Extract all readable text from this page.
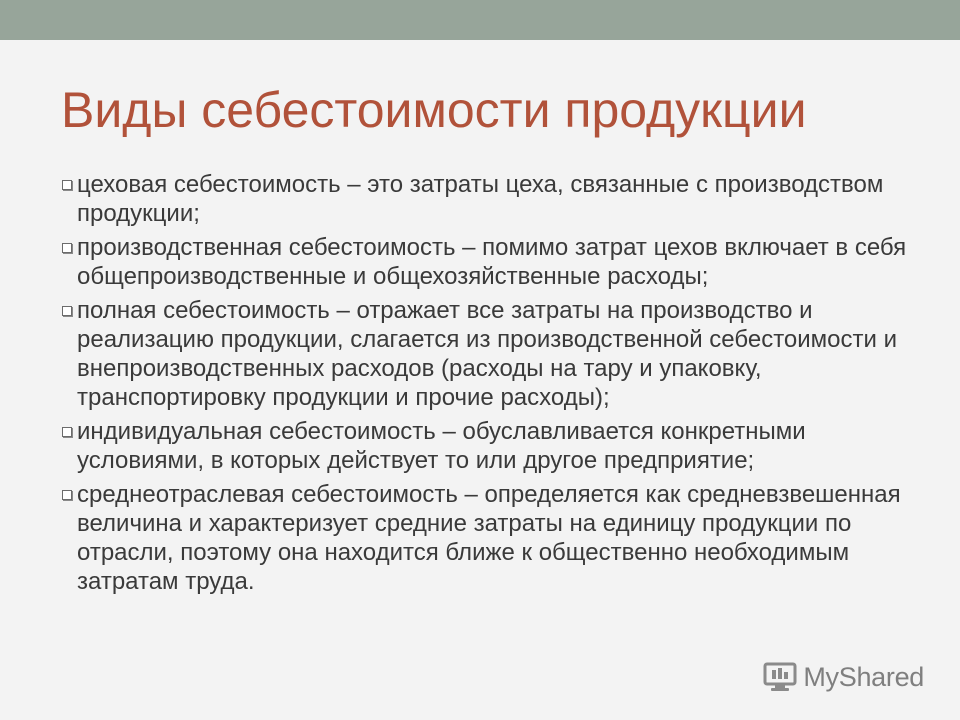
Виды себестоимости продукции
цеховая себестоимость – это затраты цеха, связанные с производством продукции;
производственная себестоимость – помимо затрат цехов включает в себя общепроизводственные и общехозяйственные расходы;
полная себестоимость – отражает все затраты на производство и реализацию продукции, слагается из производственной себестоимости и внепроизводственных расходов (расходы на тару и упаковку, транспортировку продукции и прочие расходы);
индивидуальная себестоимость – обуславливается конкретными условиями, в которых действует то или другое предприятие;
среднеотраслевая себестоимость – определяется как средневзвешенная величина и характеризует средние затраты на единицу продукции по отрасли, поэтому она находится ближе к общественно необходимым затратам труда.
MyShared
